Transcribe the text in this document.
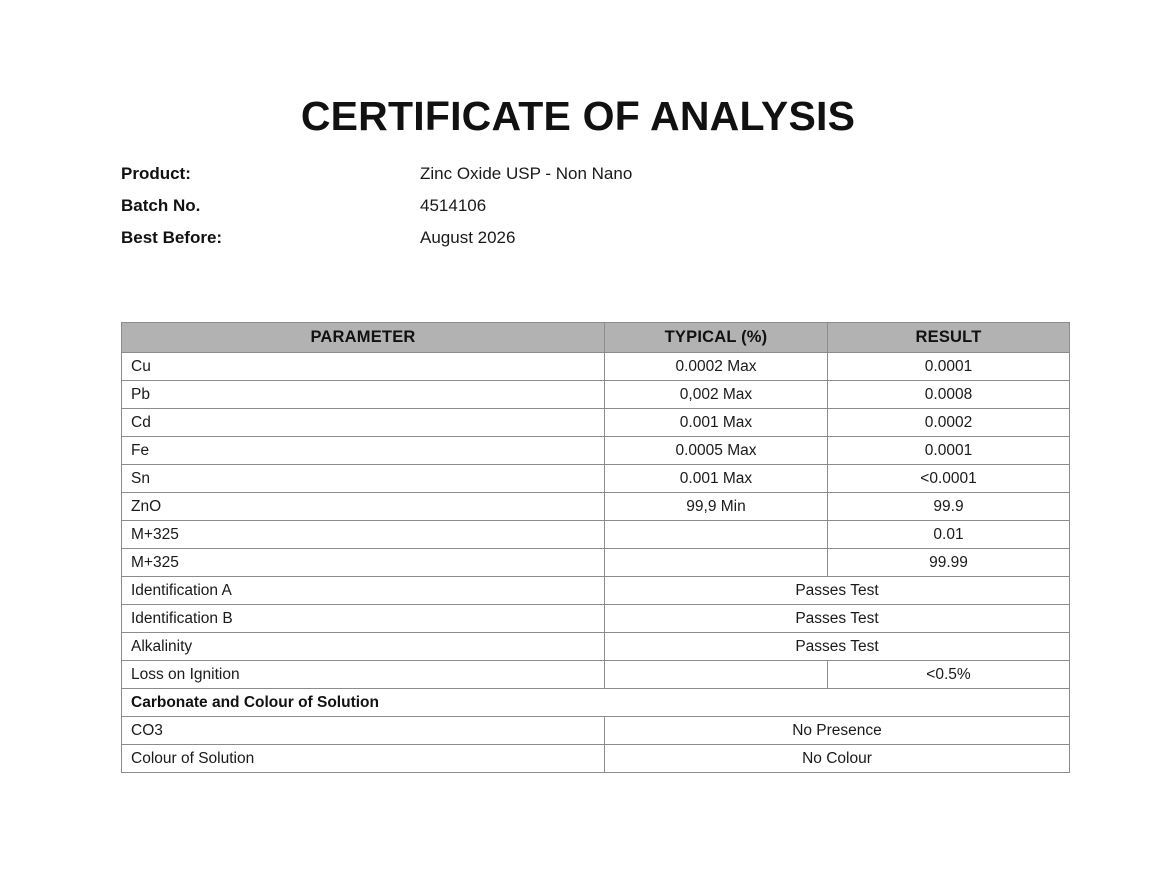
CERTIFICATE OF ANALYSIS
Product:	Zinc Oxide USP - Non Nano
Batch No.	4514106
Best Before:	August 2026
PARAMETER	TYPICAL (%)	RESULT
Cu	0.0002 Max	0.0001
Pb	0,002 Max	0.0008
Cd	0.001 Max	0.0002
Fe	0.0005 Max	0.0001
Sn	0.001 Max	<0.0001
ZnO	99,9 Min	99.9
M+325		0.01
M+325		99.99
Identification A	Passes Test	
Identification B	Passes Test	
Alkalinity	Passes Test	
Loss on Ignition		<0.5%
Carbonate and Colour of Solution		
CO3	No Presence	
Colour of Solution	No Colour	
